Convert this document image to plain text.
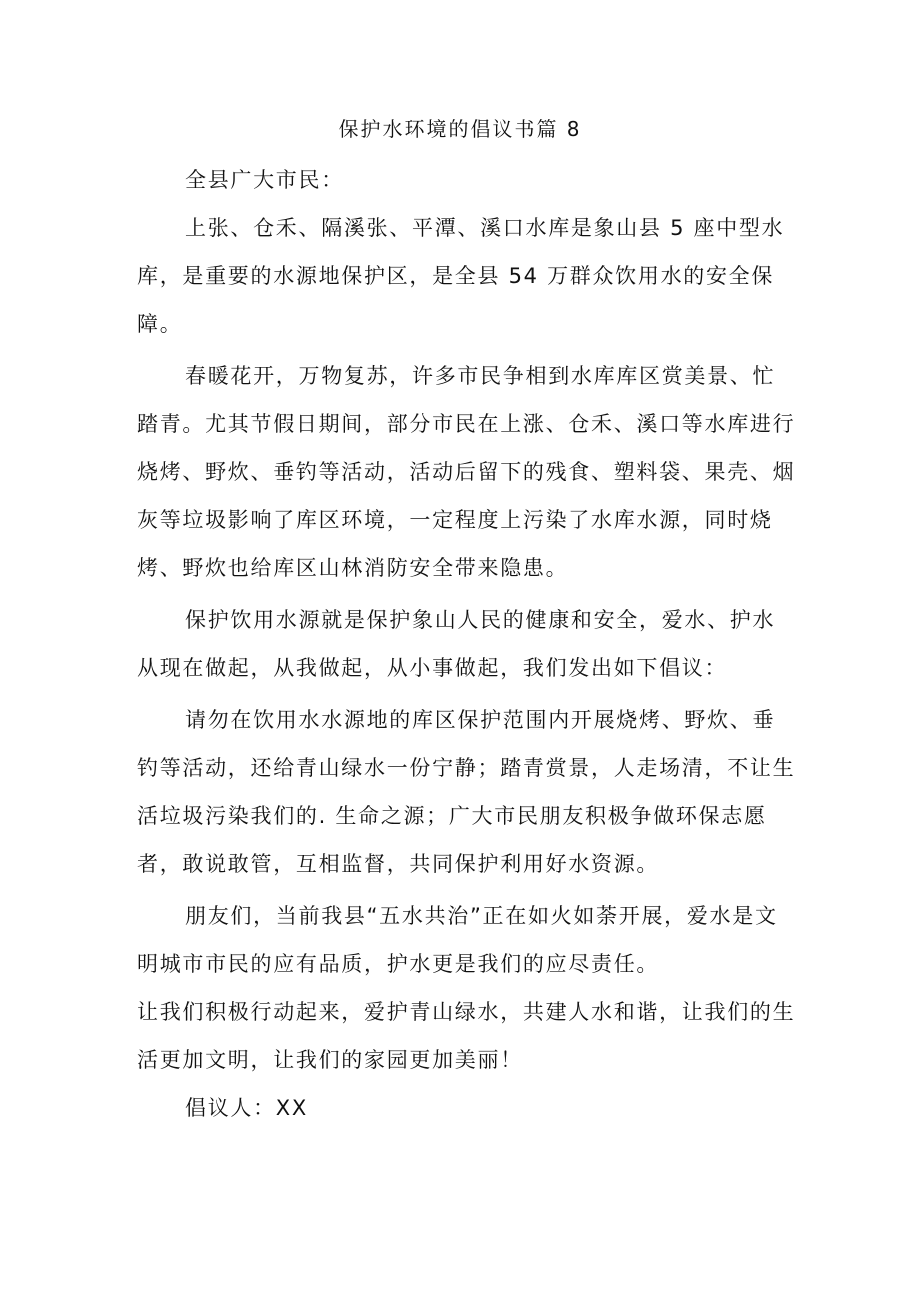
保护水环境的倡议书篇 8

全县广大市民：

上张、仓禾、隔溪张、平潭、溪口水库是象山县 5 座中型水库，是重要的水源地保护区，是全县 54 万群众饮用水的安全保障。

春暖花开，万物复苏，许多市民争相到水库库区赏美景、忙踏青。尤其节假日期间，部分市民在上涨、仓禾、溪口等水库进行烧烤、野炊、垂钓等活动，活动后留下的残食、塑料袋、果壳、烟灰等垃圾影响了库区环境，一定程度上污染了水库水源，同时烧烤、野炊也给库区山林消防安全带来隐患。

保护饮用水源就是保护象山人民的健康和安全，爱水、护水从现在做起，从我做起，从小事做起，我们发出如下倡议：

请勿在饮用水水源地的库区保护范围内开展烧烤、野炊、垂钓等活动，还给青山绿水一份宁静；踏青赏景，人走场清，不让生活垃圾污染我们的. 生命之源；广大市民朋友积极争做环保志愿者，敢说敢管，互相监督，共同保护利用好水资源。

朋友们，当前我县“五水共治”正在如火如荼开展，爱水是文明城市市民的应有品质，护水更是我们的应尽责任。

让我们积极行动起来，爱护青山绿水，共建人水和谐，让我们的生活更加文明，让我们的家园更加美丽！

倡议人：XX
